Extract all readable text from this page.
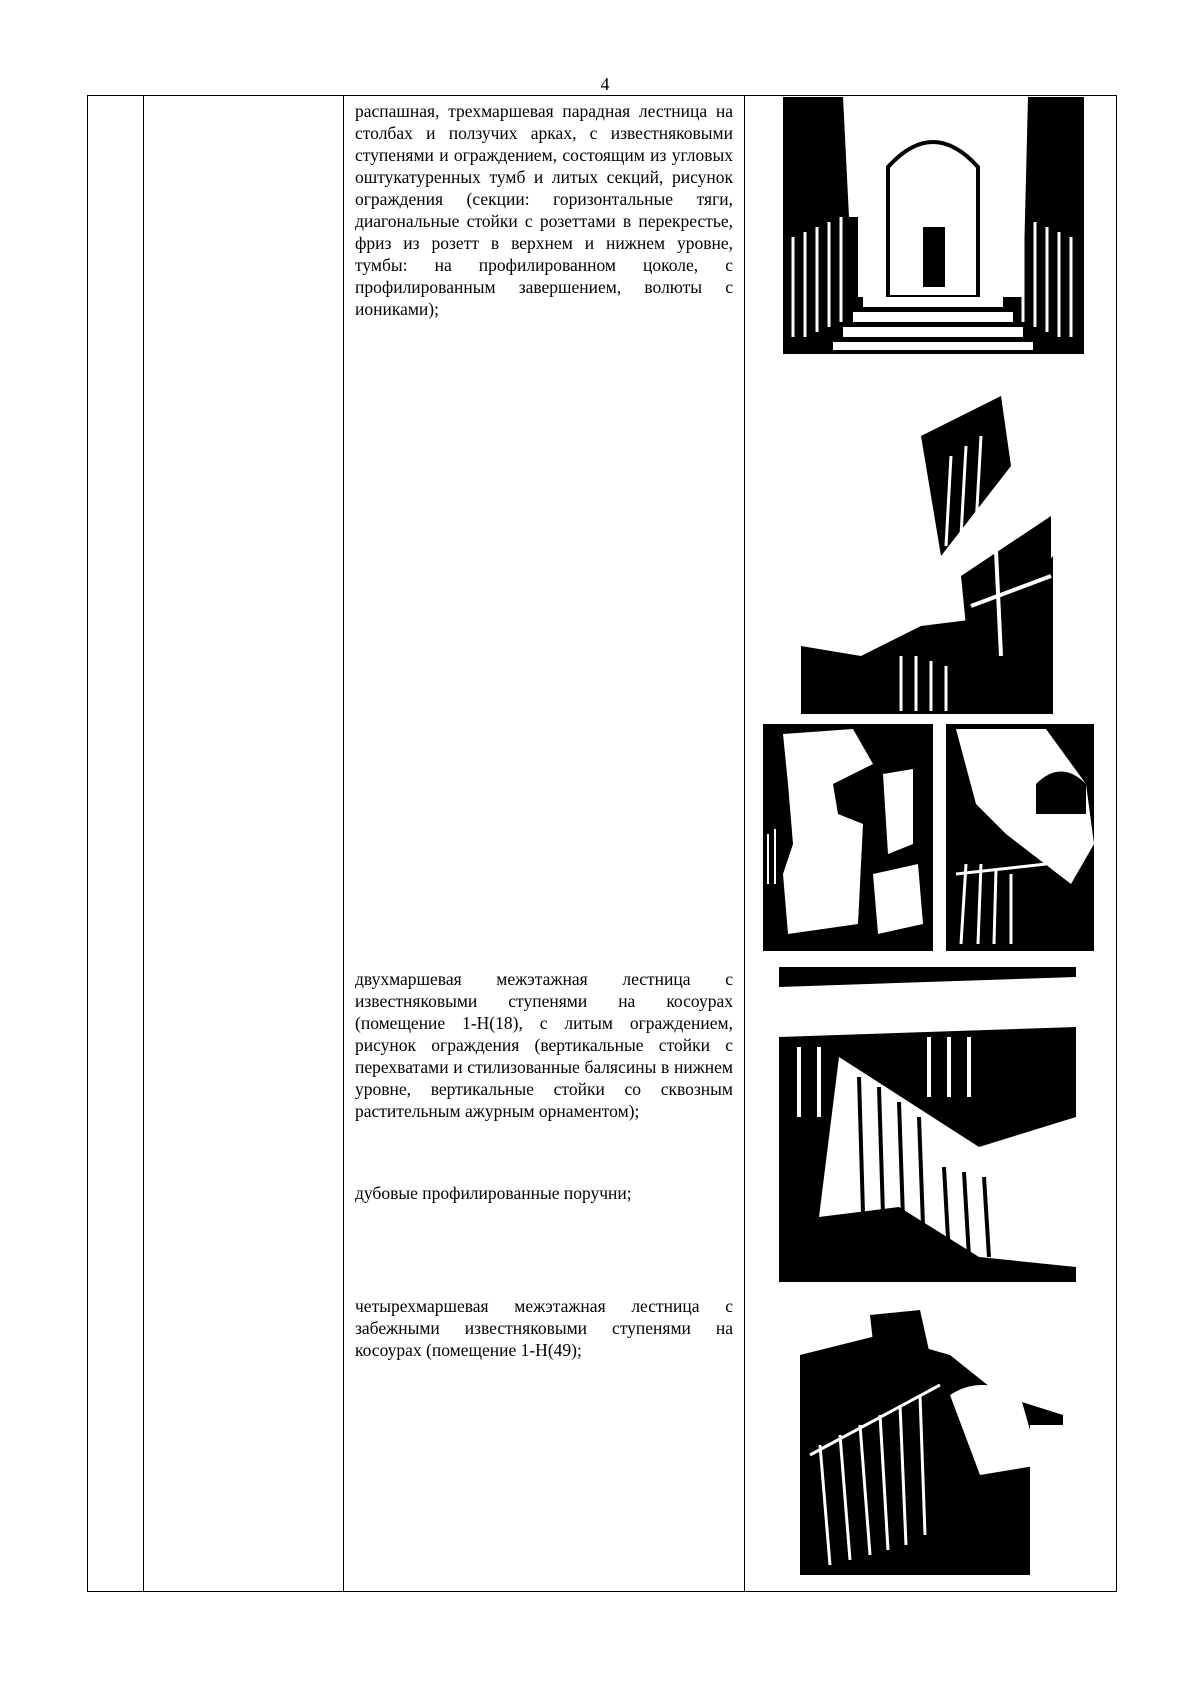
4

распашная, трехмаршевая парадная лестница на столбах и ползучих арках, с известняковыми ступенями и ограждением, состоящим из угловых оштукатуренных тумб и литых секций, рисунок ограждения (секции: горизонтальные тяги, диагональные стойки с розеттами в перекрестье, фриз из розетт в верхнем и нижнем уровне, тумбы: на профилированном цоколе, с профилированным завершением, волюты с иониками);

двухмаршевая межэтажная лестница с известняковыми ступенями на косоурах (помещение 1-Н(18), с литым ограждением, рисунок ограждения (вертикальные стойки с перехватами и стилизованные балясины в нижнем уровне, вертикальные стойки со сквозным растительным ажурным орнаментом);

дубовые профилированные поручни;

четырехмаршевая межэтажная лестница с забежными известняковыми ступенями на косоурах (помещение 1-Н(49);
